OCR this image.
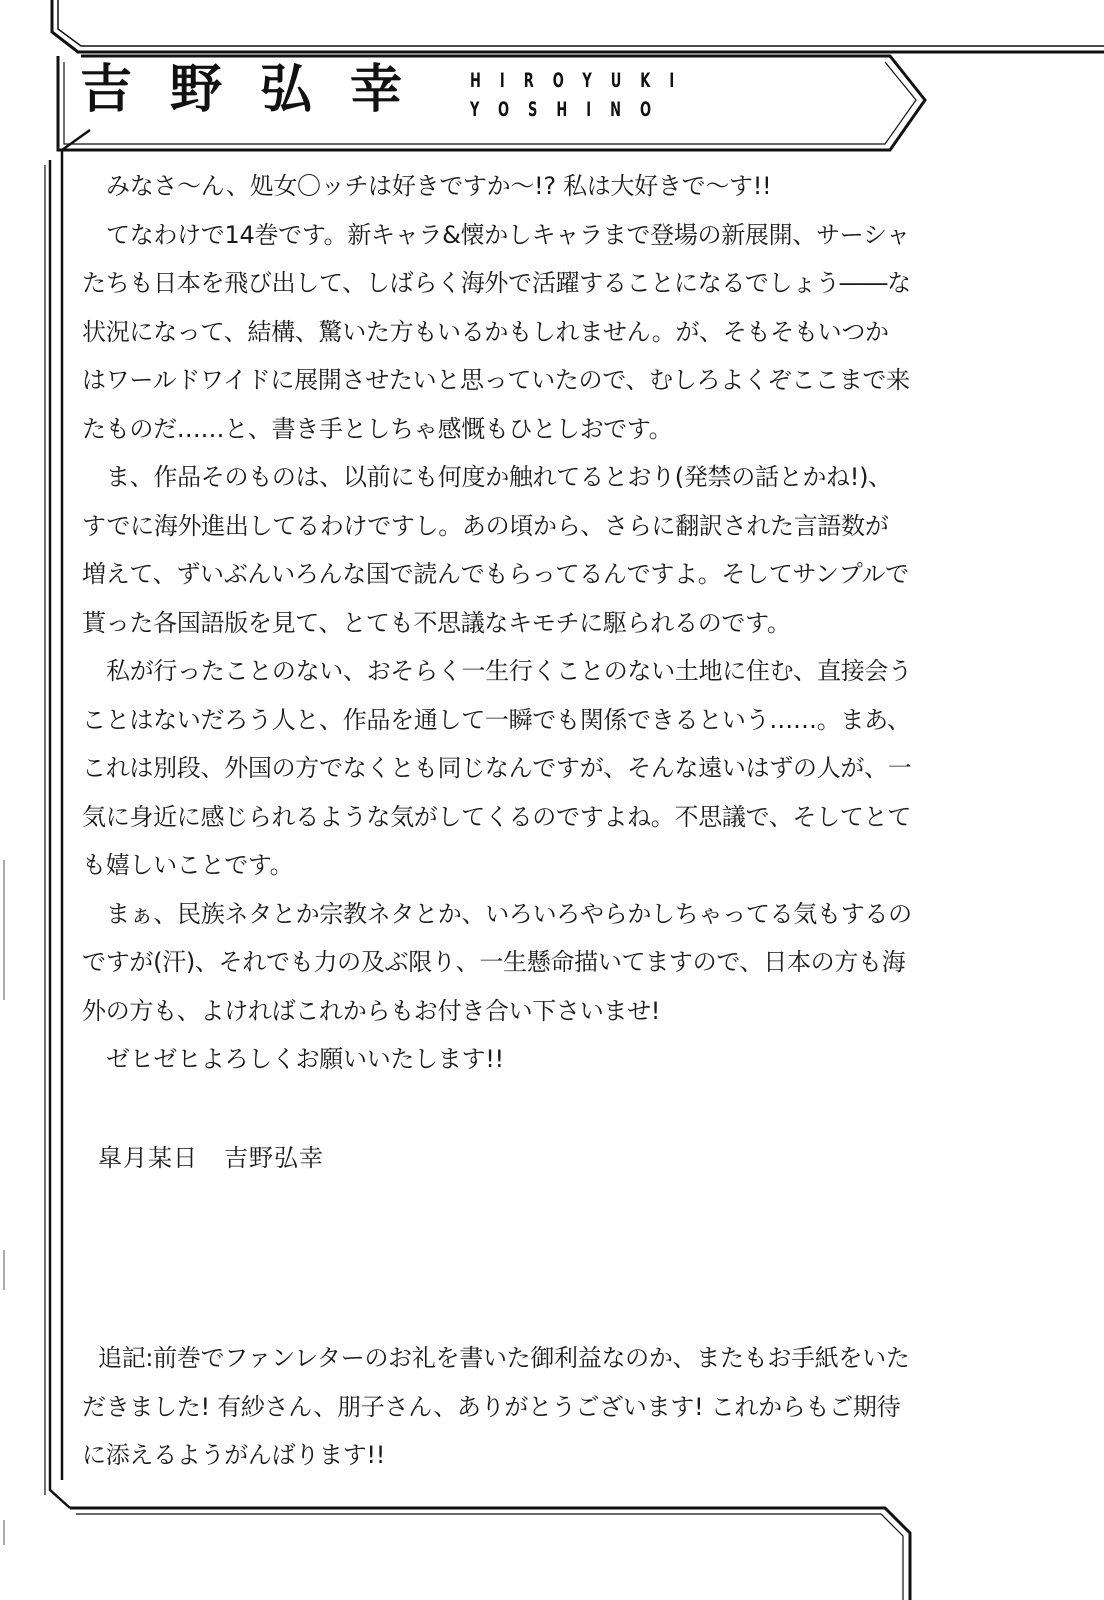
吉野弘幸 HIROYUKI
YOSHINO

みなさ〜ん、処女〇ッチは好きですか〜!? 私は大好きで〜す!!

てなわけで14巻です。新キャラ&懐かしキャラまで登場の新展開、サーシャたちも日本を飛び出して、しばらく海外で活躍することになるでしょう――な状況になって、結構、驚いた方もいるかもしれません。が、そもそもいつかはワールドワイドに展開させたいと思っていたので、むしろよくぞここまで来たものだ……と、書き手としちゃ感慨もひとしおです。

ま、作品そのものは、以前にも何度か触れてるとおり(発禁の話とかね!)、すでに海外進出してるわけですし。あの頃から、さらに翻訳された言語数が増えて、ずいぶんいろんな国で読んでもらってるんですよ。そしてサンプルで貰った各国語版を見て、とても不思議なキモチに駆られるのです。

私が行ったことのない、おそらく一生行くことのない土地に住む、直接会うことはないだろう人と、作品を通して一瞬でも関係できるという……。まあ、これは別段、外国の方でなくとも同じなんですが、そんな遠いはずの人が、一気に身近に感じられるような気がしてくるのですよね。不思議で、そしてとても嬉しいことです。

まぁ、民族ネタとか宗教ネタとか、いろいろやらかしちゃってる気もするのですが(汗)、それでも力の及ぶ限り、一生懸命描いてますので、日本の方も海外の方も、よければこれからもお付き合い下さいませ!

ゼヒゼヒよろしくお願いいたします!!

皐月某日 吉野弘幸

追記:前巻でファンレターのお礼を書いた御利益なのか、またもお手紙をいただきました! 有紗さん、朋子さん、ありがとうございます! これからもご期待に添えるようがんばります!!
